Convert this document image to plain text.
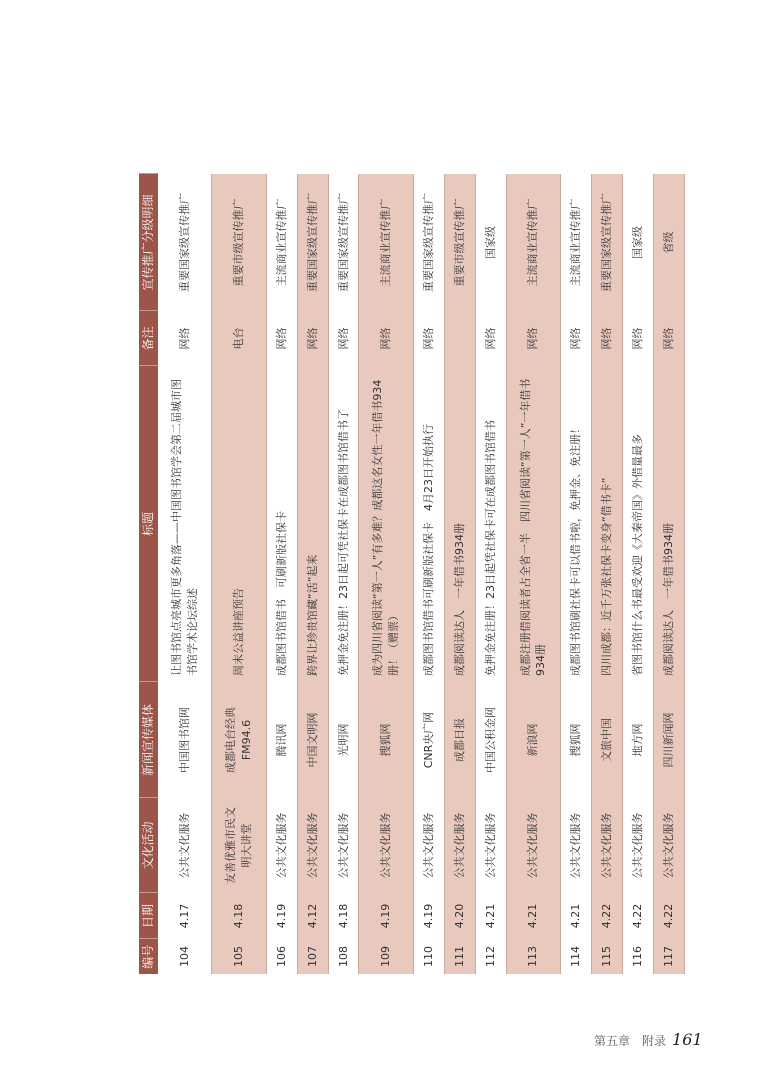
编号	日期	文化活动	新闻宣传媒体	标题	备注	宣传推广分级明细
104	4.17	公共文化服务	中国图书馆网	让图书馆点亮城市更多角落——中国图书馆学会第二届城市图书馆学术论坛综述	网络	重要国家级宣传推广
105	4.18	友善优雅市民文明大讲堂	成都电台经典FM94.6	周末公益讲座预告	电台	重要市级宣传推广
106	4.19	公共文化服务	腾讯网	成都图书馆借书　可刷新版社保卡	网络	主流商业宣传推广
107	4.12	公共文化服务	中国文明网	跨界让珍贵馆藏“活”起来	网络	重要国家级宣传推广
108	4.18	公共文化服务	光明网	免押金免注册！23日起可凭社保卡在成都图书馆借书了	网络	重要国家级宣传推广
109	4.19	公共文化服务	搜狐网	成为四川省阅读“第一人”有多难？成都这名女性一年借书934册！（赠票）	网络	主流商业宣传推广
110	4.19	公共文化服务	CNR央广网	成都图书馆借书可刷新版社保卡　4月23日开始执行	网络	重要国家级宣传推广
111	4.20	公共文化服务	成都日报	成都阅读达人　一年借书934册		重要市级宣传推广
112	4.21	公共文化服务	中国公积金网	免押金免注册！23日起凭社保卡可在成都图书馆借书	网络	国家级
113	4.21	公共文化服务	新浪网	成都注册借阅读者占全省一半　四川省阅读“第一人”一年借书934册	网络	主流商业宣传推广
114	4.21	公共文化服务	搜狐网	成都图书馆刷社保卡可以借书啦，免押金、免注册！	网络	主流商业宣传推广
115	4.22	公共文化服务	文旅中国	四川成都：近千万张社保卡变身“借书卡”	网络	重要国家级宣传推广
116	4.22	公共文化服务	地方网	省图书馆什么书最受欢迎《大秦帝国》外借量最多	网络	国家级
117	4.22	公共文化服务	四川新闻网	成都阅读达人　一年借书934册	网络	省级
第五章　附录 161
